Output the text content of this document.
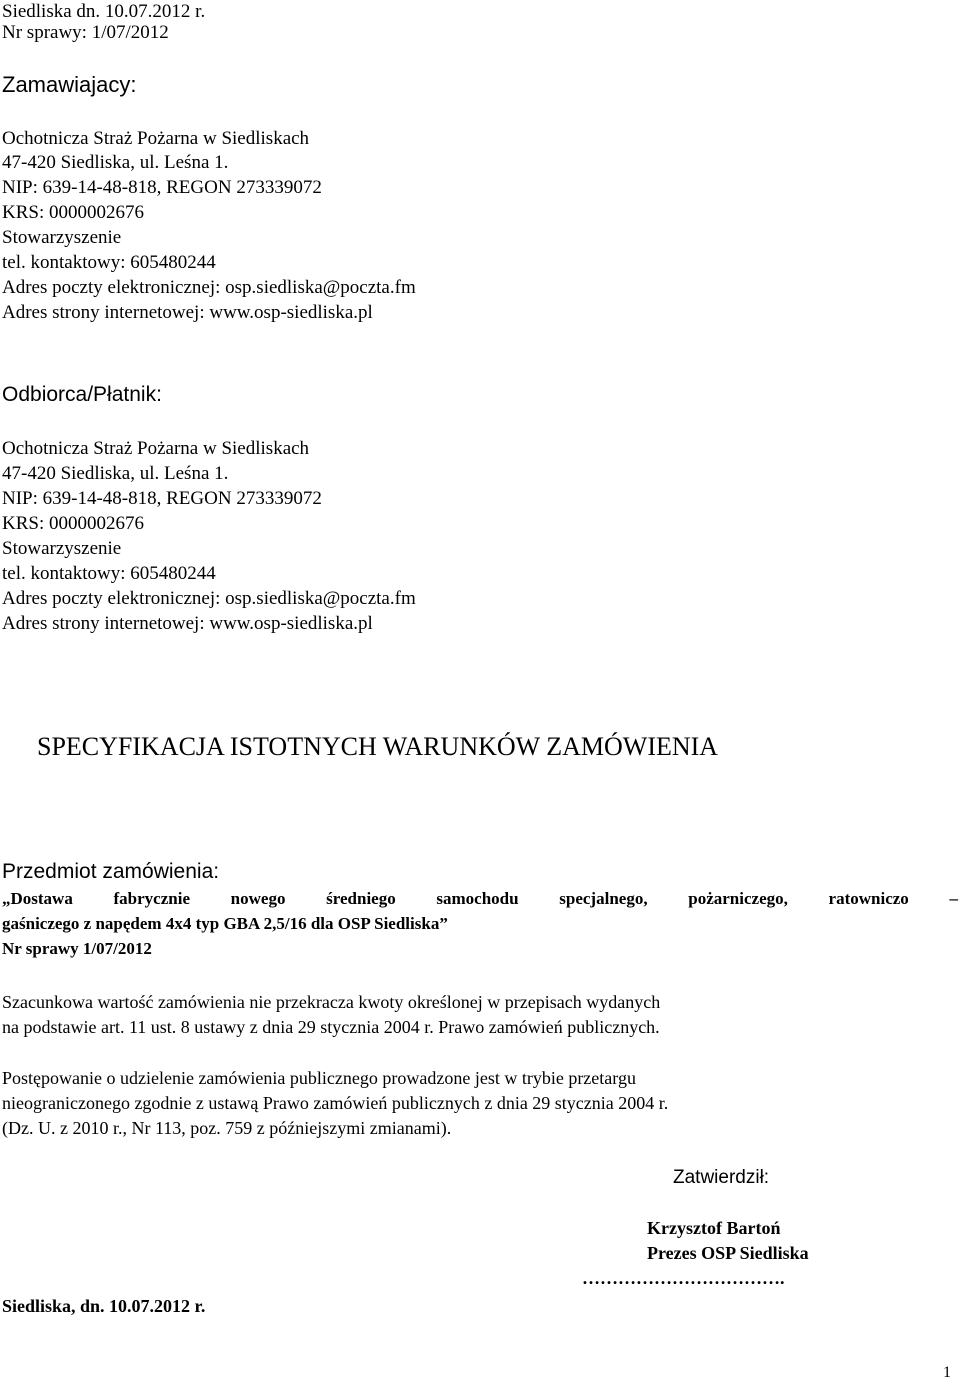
Siedliska dn. 10.07.2012 r.
Nr sprawy: 1/07/2012
Zamawiajacy:
Ochotnicza Straż Pożarna w Siedliskach
47-420 Siedliska, ul. Leśna 1.
NIP: 639-14-48-818, REGON 273339072
KRS: 0000002676
Stowarzyszenie
tel. kontaktowy: 605480244
Adres poczty elektronicznej: osp.siedliska@poczta.fm
Adres strony internetowej: www.osp-siedliska.pl
Odbiorca/Płatnik:
Ochotnicza Straż Pożarna w Siedliskach
47-420 Siedliska, ul. Leśna 1.
NIP: 639-14-48-818, REGON 273339072
KRS: 0000002676
Stowarzyszenie
tel. kontaktowy: 605480244
Adres poczty elektronicznej: osp.siedliska@poczta.fm
Adres strony internetowej: www.osp-siedliska.pl
SPECYFIKACJA ISTOTNYCH WARUNKÓW ZAMÓWIENIA
Przedmiot zamówienia:
„Dostawa fabrycznie nowego średniego samochodu specjalnego, pożarniczego, ratowniczo –
gaśniczego z napędem 4x4 typ GBA 2,5/16 dla OSP Siedliska”
Nr sprawy 1/07/2012
Szacunkowa wartość zamówienia nie przekracza kwoty określonej w przepisach wydanych
na podstawie art. 11 ust. 8 ustawy z dnia 29 stycznia 2004 r. Prawo zamówień publicznych.
Postępowanie o udzielenie zamówienia publicznego prowadzone jest w trybie przetargu
nieograniczonego zgodnie z ustawą Prawo zamówień publicznych z dnia 29 stycznia 2004 r.
(Dz. U. z 2010 r., Nr 113, poz. 759 z późniejszymi zmianami).
Zatwierdził:
Krzysztof Bartoń
Prezes OSP Siedliska
…………………………….
Siedliska, dn. 10.07.2012 r.
1
